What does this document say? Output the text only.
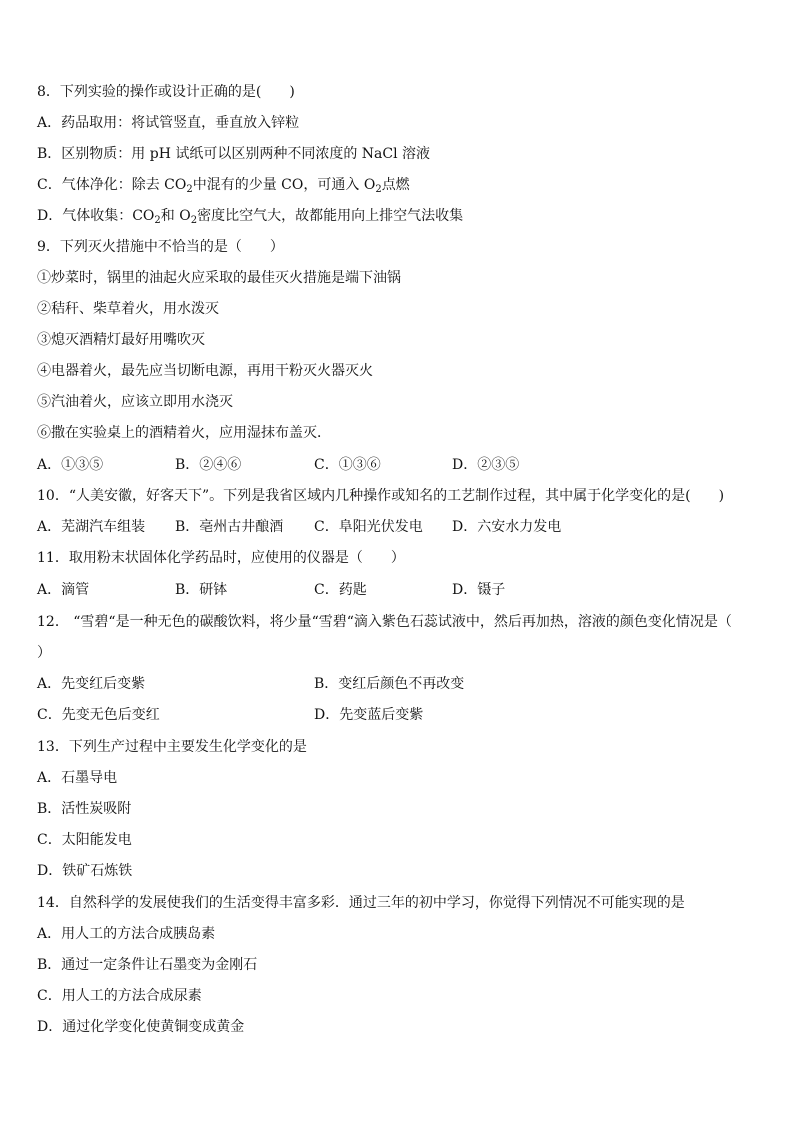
8．下列实验的操作或设计正确的是(　　)
A．药品取用：将试管竖直，垂直放入锌粒
B．区别物质：用 pH 试纸可以区别两种不同浓度的 NaCl 溶液
C．气体净化：除去 $CO_2$中混有的少量 CO，可通入 $O_2$点燃
D．气体收集：$CO_2$和 $O_2$密度比空气大，故都能用向上排空气法收集
9．下列灭火措施中不恰当的是（　　）
①炒菜时，锅里的油起火应采取的最佳灭火措施是端下油锅
②秸秆、柴草着火，用水泼灭
③熄灭酒精灯最好用嘴吹灭
④电器着火，最先应当切断电源，再用干粉灭火器灭火
⑤汽油着火，应该立即用水浇灭
⑥撒在实验桌上的酒精着火，应用湿抹布盖灭．
A．①③⑤	B．②④⑥	C．①③⑥	D．②③⑤
10．“人美安徽，好客天下”。下列是我省区域内几种操作或知名的工艺制作过程，其中属于化学变化的是(　　)
A．芜湖汽车组装 B．亳州古井酿酒 C．阜阳光伏发电 D．六安水力发电
11．取用粉末状固体化学药品时，应使用的仪器是（　　）
A．滴管	B．研钵	C．药匙	D．镊子
12． “雪碧“是一种无色的碳酸饮料，将少量“雪碧“滴入紫色石蕊试液中，然后再加热，溶液的颜色变化情况是（
）
A．先变红后变紫	B．变红后颜色不再改变
C．先变无色后变红	D．先变蓝后变紫
13．下列生产过程中主要发生化学变化的是
A．石墨导电
B．活性炭吸附
C．太阳能发电
D．铁矿石炼铁
14．自然科学的发展使我们的生活变得丰富多彩．通过三年的初中学习，你觉得下列情况不可能实现的是
A．用人工的方法合成胰岛素
B．通过一定条件让石墨变为金刚石
C．用人工的方法合成尿素
D．通过化学变化使黄铜变成黄金
